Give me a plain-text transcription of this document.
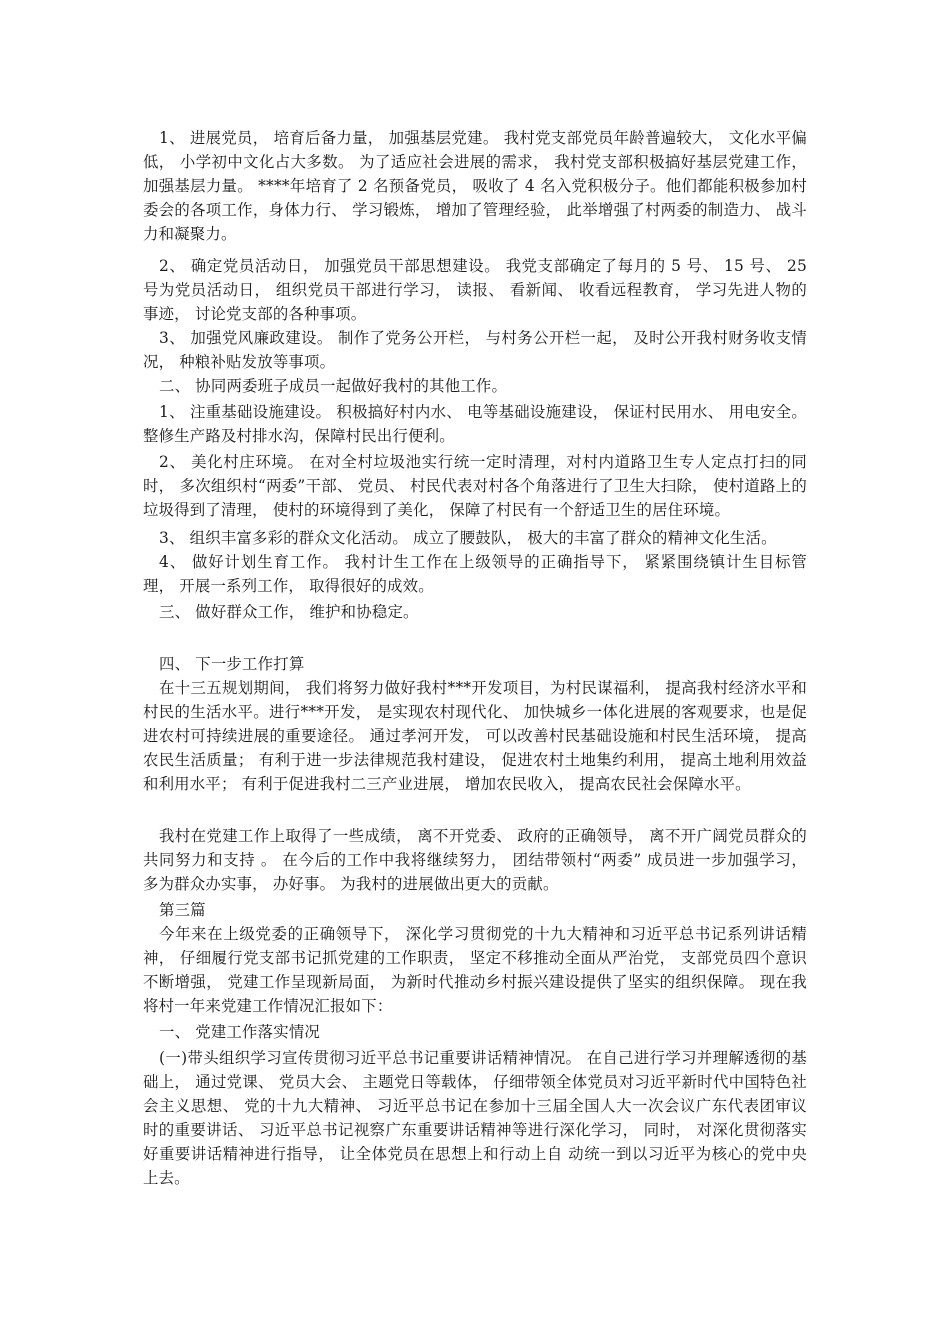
1、 进展党员， 培育后备力量， 加强基层党建。 我村党支部党员年龄普遍较大， 文化水平偏低， 小学初中文化占大多数。 为了适应社会进展的需求， 我村党支部积极搞好基层党建工作， 加强基层力量。 ****年培育了 2 名预备党员， 吸收了 4 名入党积极分子。他们都能积极参加村委会的各项工作，身体力行、 学习锻炼， 增加了管理经验， 此举增强了村两委的制造力、 战斗力和凝聚力。

2、 确定党员活动日， 加强党员干部思想建设。 我党支部确定了每月的 5 号、 15 号、 25 号为党员活动日， 组织党员干部进行学习， 读报、 看新闻、 收看远程教育， 学习先进人物的事迹， 讨论党支部的各种事项。

3、 加强党风廉政建设。 制作了党务公开栏， 与村务公开栏一起， 及时公开我村财务收支情况， 种粮补贴发放等事项。

二、 协同两委班子成员一起做好我村的其他工作。

1、 注重基础设施建设。 积极搞好村内水、 电等基础设施建设， 保证村民用水、 用电安全。 整修生产路及村排水沟，保障村民出行便利。

2、 美化村庄环境。 在对全村垃圾池实行统一定时清理，对村内道路卫生专人定点打扫的同时， 多次组织村“两委”干部、 党员、 村民代表对村各个角落进行了卫生大扫除， 使村道路上的垃圾得到了清理， 使村的环境得到了美化， 保障了村民有一个舒适卫生的居住环境。

3、 组织丰富多彩的群众文化活动。 成立了腰鼓队， 极大的丰富了群众的精神文化生活。

4、 做好计划生育工作。 我村计生工作在上级领导的正确指导下， 紧紧围绕镇计生目标管理， 开展一系列工作， 取得很好的成效。

三、 做好群众工作， 维护和协稳定。

四、 下一步工作打算

在十三五规划期间， 我们将努力做好我村***开发项目，为村民谋福利， 提高我村经济水平和村民的生活水平。进行***开发， 是实现农村现代化、 加快城乡一体化进展的客观要求，也是促进农村可持续进展的重要途径。 通过孝河开发， 可以改善村民基础设施和村民生活环境， 提高农民生活质量； 有利于进一步法律规范我村建设， 促进农村土地集约利用， 提高土地利用效益和利用水平； 有利于促进我村二三产业进展， 增加农民收入， 提高农民社会保障水平。

我村在党建工作上取得了一些成绩， 离不开党委、 政府的正确领导， 离不开广阔党员群众的共同努力和支持 。 在今后的工作中我将继续努力， 团结带领村“两委” 成员进一步加强学习， 多为群众办实事， 办好事。 为我村的进展做出更大的贡献。

第三篇

今年来在上级党委的正确领导下， 深化学习贯彻党的十九大精神和习近平总书记系列讲话精神， 仔细履行党支部书记抓党建的工作职责， 坚定不移推动全面从严治党， 支部党员四个意识不断增强， 党建工作呈现新局面， 为新时代推动乡村振兴建设提供了坚实的组织保障。 现在我将村一年来党建工作情况汇报如下：

一、 党建工作落实情况

(一)带头组织学习宣传贯彻习近平总书记重要讲话精神情况。 在自己进行学习并理解透彻的基础上， 通过党课、 党员大会、 主题党日等载体， 仔细带领全体党员对习近平新时代中国特色社会主义思想、 党的十九大精神、 习近平总书记在参加十三届全国人大一次会议广东代表团审议时的重要讲话、 习近平总书记视察广东重要讲话精神等进行深化学习， 同时， 对深化贯彻落实好重要讲话精神进行指导， 让全体党员在思想上和行动上自 动统一到以习近平为核心的党中央上去。
